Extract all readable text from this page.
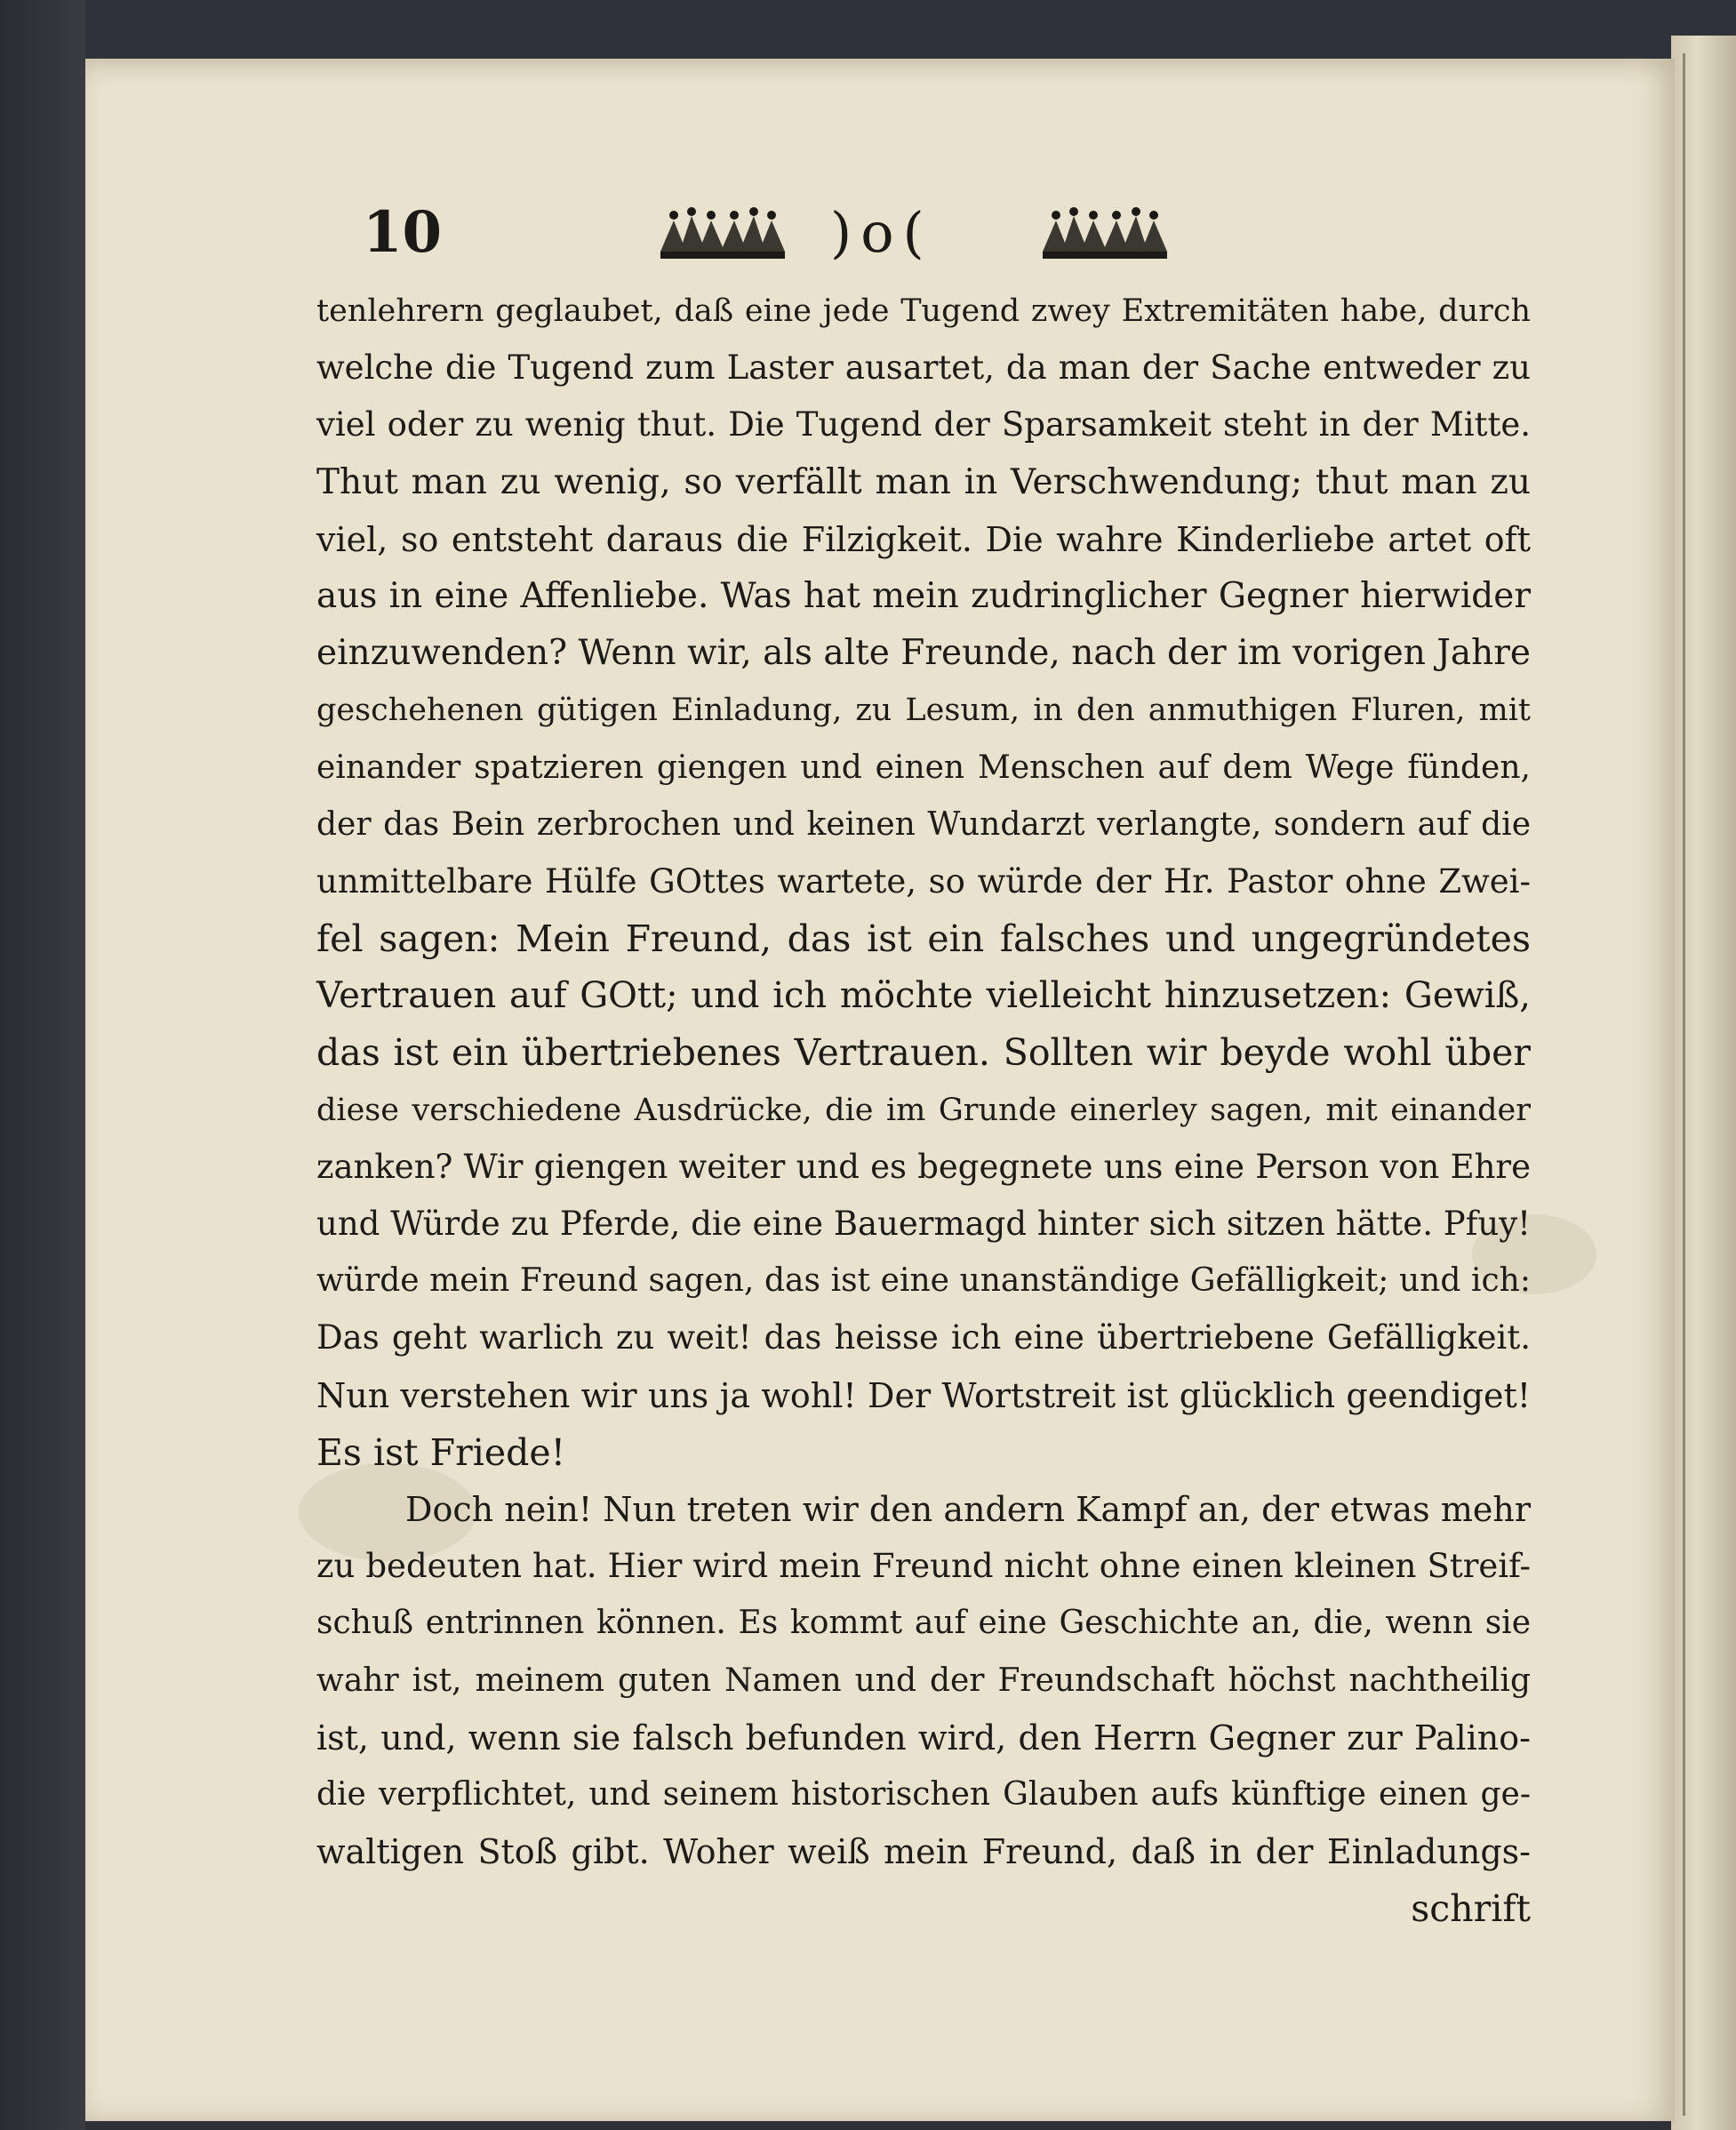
10	)o(
tenlehrern geglaubet, daß eine jede Tugend zwey Extremitäten habe, durch
welche die Tugend zum Laster ausartet, da man der Sache entweder zu
viel oder zu wenig thut. Die Tugend der Sparsamkeit steht in der Mitte.
Thut man zu wenig, so verfällt man in Verschwendung; thut man zu
viel, so entsteht daraus die Filzigkeit. Die wahre Kinderliebe artet oft
aus in eine Affenliebe. Was hat mein zudringlicher Gegner hierwider
einzuwenden? Wenn wir, als alte Freunde, nach der im vorigen Jahre
geschehenen gütigen Einladung, zu Lesum, in den anmuthigen Fluren, mit
einander spatzieren giengen und einen Menschen auf dem Wege fünden,
der das Bein zerbrochen und keinen Wundarzt verlangte, sondern auf die
unmittelbare Hülfe GOttes wartete, so würde der Hr. Pastor ohne Zwei-
fel sagen: Mein Freund, das ist ein falsches und ungegründetes
Vertrauen auf GOtt; und ich möchte vielleicht hinzusetzen: Gewiß,
das ist ein übertriebenes Vertrauen. Sollten wir beyde wohl über
diese verschiedene Ausdrücke, die im Grunde einerley sagen, mit einander
zanken? Wir giengen weiter und es begegnete uns eine Person von Ehre
und Würde zu Pferde, die eine Bauermagd hinter sich sitzen hätte. Pfuy!
würde mein Freund sagen, das ist eine unanständige Gefälligkeit; und ich:
Das geht warlich zu weit! das heisse ich eine übertriebene Gefälligkeit.
Nun verstehen wir uns ja wohl! Der Wortstreit ist glücklich geendiget!
Es ist Friede!
Doch nein! Nun treten wir den andern Kampf an, der etwas mehr
zu bedeuten hat. Hier wird mein Freund nicht ohne einen kleinen Streif-
schuß entrinnen können. Es kommt auf eine Geschichte an, die, wenn sie
wahr ist, meinem guten Namen und der Freundschaft höchst nachtheilig
ist, und, wenn sie falsch befunden wird, den Herrn Gegner zur Palino-
die verpflichtet, und seinem historischen Glauben aufs künftige einen ge-
waltigen Stoß gibt. Woher weiß mein Freund, daß in der Einladungs-
schrift
